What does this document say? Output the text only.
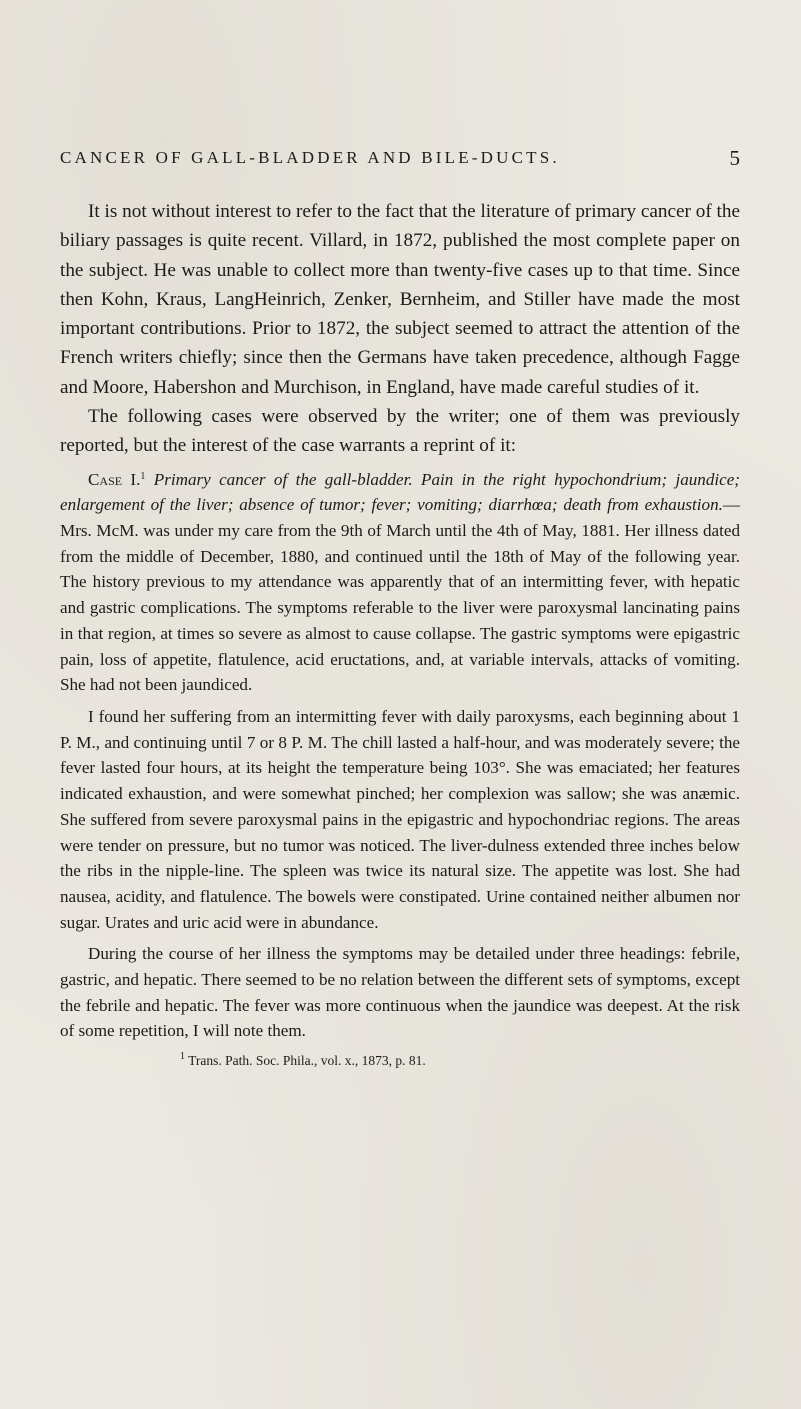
CANCER OF GALL-BLADDER AND BILE-DUCTS.	5

It is not without interest to refer to the fact that the literature of primary cancer of the biliary passages is quite recent. Villard, in 1872, published the most complete paper on the subject. He was unable to collect more than twenty-five cases up to that time. Since then Kohn, Kraus, LangHeinrich, Zenker, Bernheim, and Stiller have made the most important contributions. Prior to 1872, the subject seemed to attract the attention of the French writers chiefly; since then the Germans have taken precedence, although Fagge and Moore, Habershon and Murchison, in England, have made careful studies of it.

The following cases were observed by the writer; one of them was previously reported, but the interest of the case warrants a reprint of it:

Case I.$^1$ Primary cancer of the gall-bladder. Pain in the right hypochondrium; jaundice; enlargement of the liver; absence of tumor; fever; vomiting; diarrhœa; death from exhaustion.—Mrs. McM. was under my care from the 9th of March until the 4th of May, 1881. Her illness dated from the middle of December, 1880, and continued until the 18th of May of the following year. The history previous to my attendance was apparently that of an intermitting fever, with hepatic and gastric complications. The symptoms referable to the liver were paroxysmal lancinating pains in that region, at times so severe as almost to cause collapse. The gastric symptoms were epigastric pain, loss of appetite, flatulence, acid eructations, and, at variable intervals, attacks of vomiting. She had not been jaundiced.

I found her suffering from an intermitting fever with daily paroxysms, each beginning about 1 P. M., and continuing until 7 or 8 P. M. The chill lasted a half-hour, and was moderately severe; the fever lasted four hours, at its height the temperature being 103°. She was emaciated; her features indicated exhaustion, and were somewhat pinched; her complexion was sallow; she was anæmic. She suffered from severe paroxysmal pains in the epigastric and hypochondriac regions. The areas were tender on pressure, but no tumor was noticed. The liver-dulness extended three inches below the ribs in the nipple-line. The spleen was twice its natural size. The appetite was lost. She had nausea, acidity, and flatulence. The bowels were constipated. Urine contained neither albumen nor sugar. Urates and uric acid were in abundance.

During the course of her illness the symptoms may be detailed under three headings: febrile, gastric, and hepatic. There seemed to be no relation between the different sets of symptoms, except the febrile and hepatic. The fever was more continuous when the jaundice was deepest. At the risk of some repetition, I will note them.

$^1$ Trans. Path. Soc. Phila., vol. x., 1873, p. 81.
